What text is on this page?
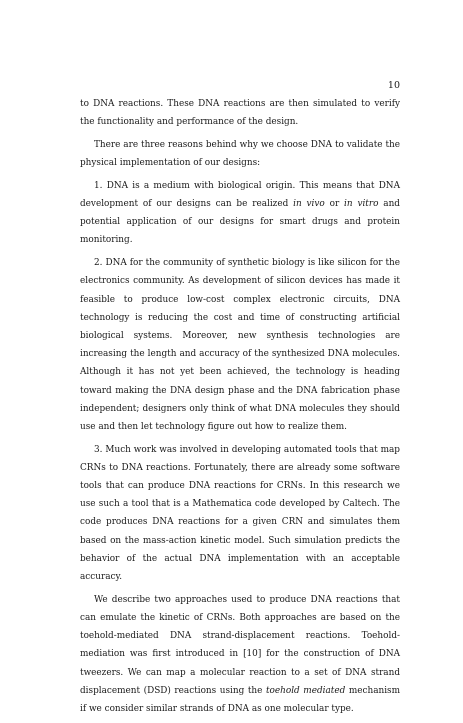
10

to DNA reactions. These DNA reactions are then simulated to verify the functionality and performance of the design.

There are three reasons behind why we choose DNA to validate the physical implementation of our designs:

1. DNA is a medium with biological origin. This means that DNA development of our designs can be realized in vivo or in vitro and potential application of our designs for smart drugs and protein monitoring.

2. DNA for the community of synthetic biology is like silicon for the electronics community. As development of silicon devices has made it feasible to produce low-cost complex electronic circuits, DNA technology is reducing the cost and time of constructing artificial biological systems. Moreover, new synthesis technologies are increasing the length and accuracy of the synthesized DNA molecules. Although it has not yet been achieved, the technology is heading toward making the DNA design phase and the DNA fabrication phase independent; designers only think of what DNA molecules they should use and then let technology figure out how to realize them.

3. Much work was involved in developing automated tools that map CRNs to DNA reactions. Fortunately, there are already some software tools that can produce DNA reactions for CRNs. In this research we use such a tool that is a Mathematica code developed by Caltech. The code produces DNA reactions for a given CRN and simulates them based on the mass-action kinetic model. Such simulation predicts the behavior of the actual DNA implementation with an acceptable accuracy.

We describe two approaches used to produce DNA reactions that can emulate the kinetic of CRNs. Both approaches are based on the toehold-mediated DNA strand-displacement reactions. Toehold-mediation was first introduced in [10] for the construction of DNA tweezers. We can map a molecular reaction to a set of DNA strand displacement (DSD) reactions using the toehold mediated mechanism if we consider similar strands of DNA as one molecular type.
